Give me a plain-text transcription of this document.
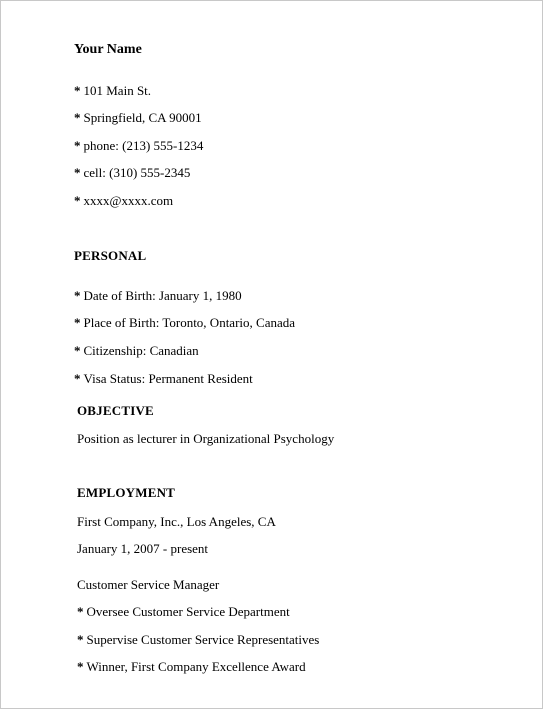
Your Name
* 101 Main St.
* Springfield, CA 90001
* phone: (213) 555-1234
* cell: (310) 555-2345
* xxxx@xxxx.com
PERSONAL
* Date of Birth: January 1, 1980
* Place of Birth: Toronto, Ontario, Canada
* Citizenship: Canadian
* Visa Status: Permanent Resident
OBJECTIVE
Position as lecturer in Organizational Psychology
EMPLOYMENT
First Company, Inc., Los Angeles, CA
January 1, 2007 - present
Customer Service Manager
* Oversee Customer Service Department
* Supervise Customer Service Representatives
* Winner, First Company Excellence Award
